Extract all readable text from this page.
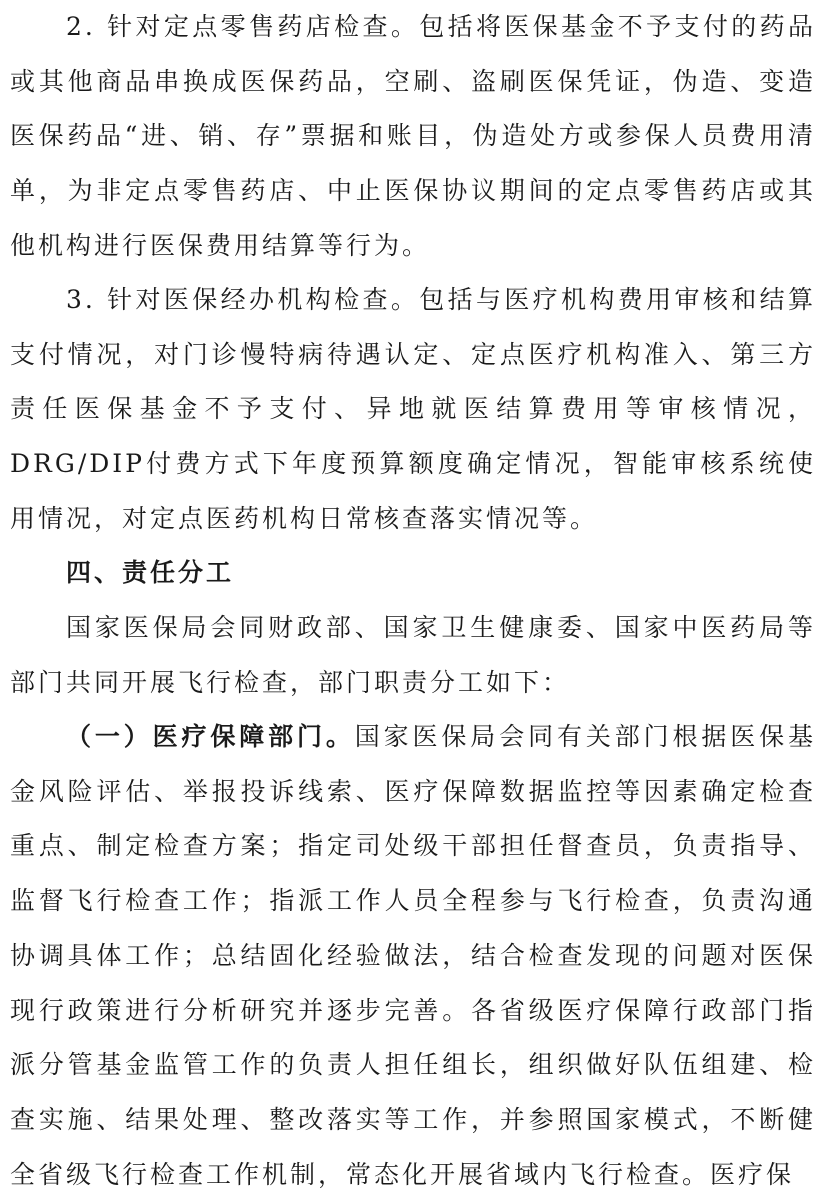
2. 针对定点零售药店检查。包括将医保基金不予支付的药品或其他商品串换成医保药品，空刷、盗刷医保凭证，伪造、变造医保药品“进、销、存”票据和账目，伪造处方或参保人员费用清单，为非定点零售药店、中止医保协议期间的定点零售药店或其他机构进行医保费用结算等行为。

3. 针对医保经办机构检查。包括与医疗机构费用审核和结算支付情况，对门诊慢特病待遇认定、定点医疗机构准入、第三方责任医保基金不予支付、异地就医结算费用等审核情况，DRG/DIP付费方式下年度预算额度确定情况，智能审核系统使用情况，对定点医药机构日常核查落实情况等。

四、责任分工

国家医保局会同财政部、国家卫生健康委、国家中医药局等部门共同开展飞行检查，部门职责分工如下：

（一）医疗保障部门。国家医保局会同有关部门根据医保基金风险评估、举报投诉线索、医疗保障数据监控等因素确定检查重点、制定检查方案；指定司处级干部担任督查员，负责指导、监督飞行检查工作；指派工作人员全程参与飞行检查，负责沟通协调具体工作；总结固化经验做法，结合检查发现的问题对医保现行政策进行分析研究并逐步完善。各省级医疗保障行政部门指派分管基金监管工作的负责人担任组长，组织做好队伍组建、检查实施、结果处理、整改落实等工作，并参照国家模式，不断健全省级飞行检查工作机制，常态化开展省域内飞行检查。医疗保
